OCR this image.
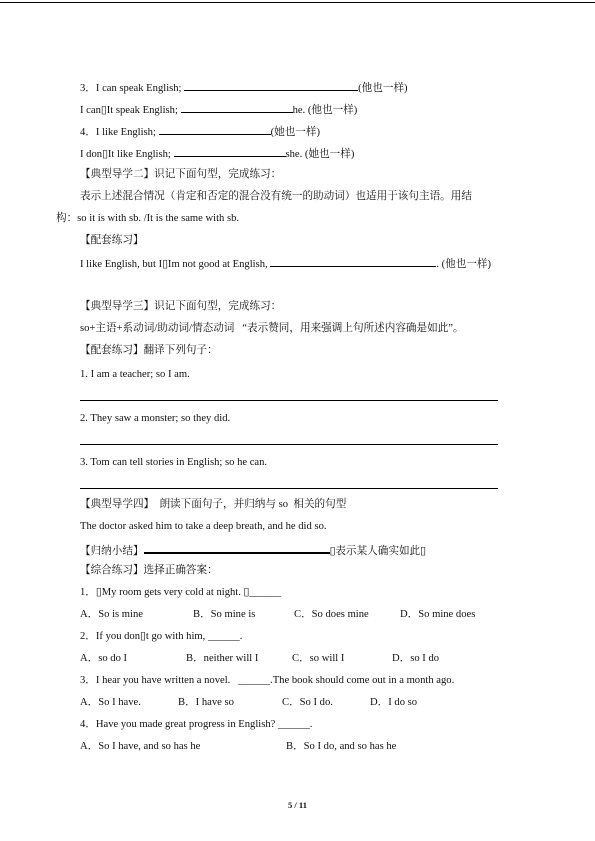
3．I can speak English;	(他也一样)
I can▯It speak English;	he. (他也一样)
4．I like English;	(她也一样)
I don▯It like English;	she. (她也一样)
【典型导学二】识记下面句型，完成练习：
表示上述混合情况（肯定和否定的混合没有统一的助动词）也适用于该句主语。用结
构：so it is with sb. /It is the same with sb.
【配套练习】
I like English, but I▯Im not good at English,	. (他也一样)
【典型导学三】识记下面句型，完成练习：
so+主语+系动词/助动词/情态动词   “表示赞同，用来强调上句所述内容确是如此”。
【配套练习】翻译下列句子：
1. I am a teacher; so I am.
2. They saw a monster; so they did.
3. Tom can tell stories in English; so he can.
【典型导学四】  朗读下面句子，并归纳与 so  相关的句型
The doctor asked him to take a deep breath, and he did so.
【归纳小结】	▯表示某人确实如此▯
【综合练习】选择正确答案：
1．▯My room gets very cold at night. ▯______
A．So is mine	B．So mine is	C．So does mine	D．So mine does
2．If you don▯t go with him, ______.
A．so do I	B．neither will I	C．so will I	D．so I do
3．I hear you have written a novel.   ______.The book should come out in a month ago.
A．So I have.	B．I have so	C．So I do.	D．I do so
4．Have you made great progress in English? ______.
A．So I have, and so has he	B．So I do, and so has he
5 / 11
